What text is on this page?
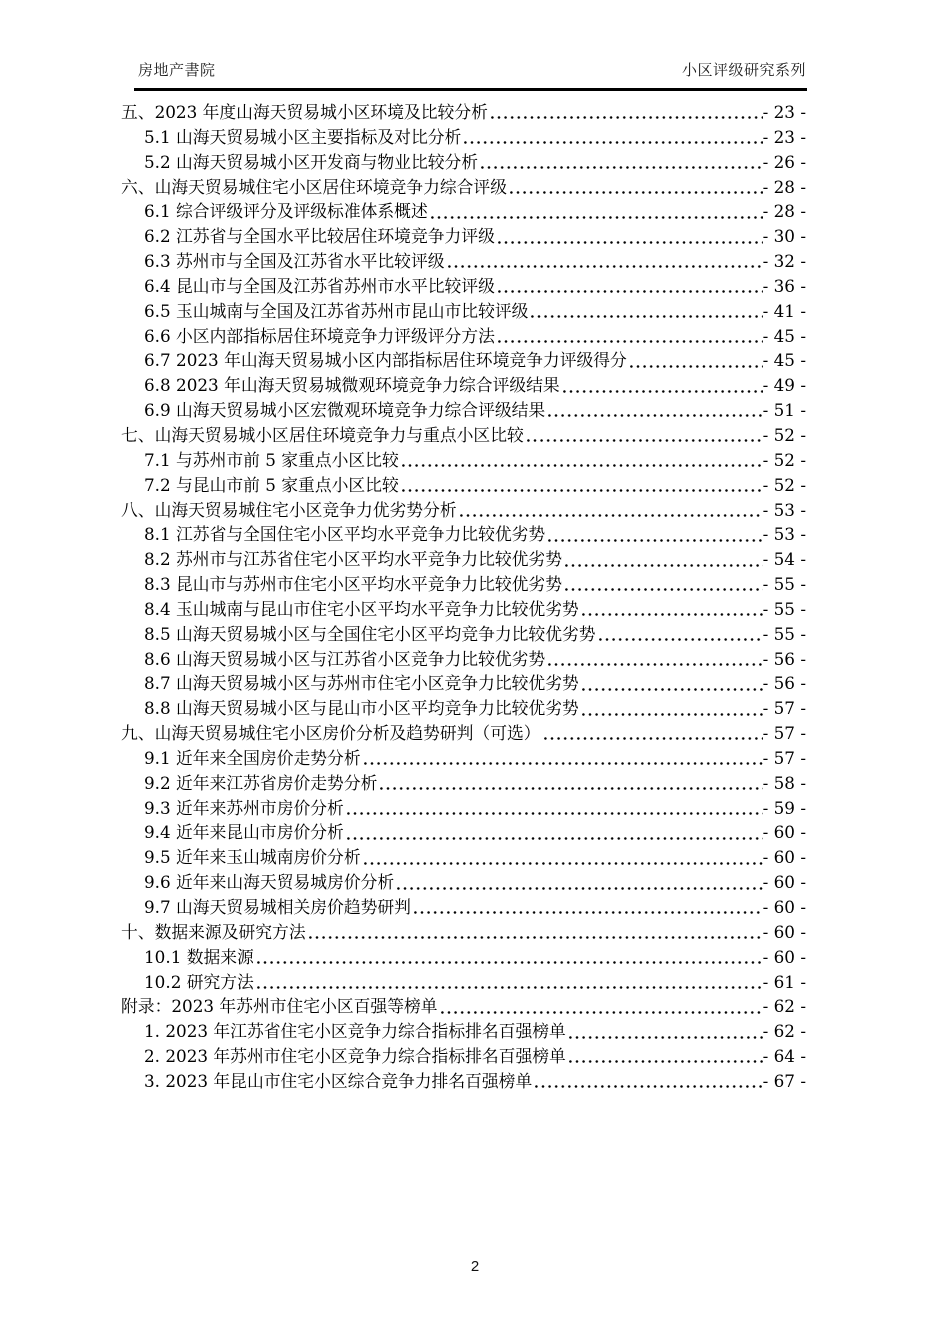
房地产書院	小区评级研究系列
五、2023 年度山海天贸易城小区环境及比较分析	- 23 -
5.1 山海天贸易城小区主要指标及对比分析	- 23 -
5.2 山海天贸易城小区开发商与物业比较分析	- 26 -
六、山海天贸易城住宅小区居住环境竞争力综合评级	- 28 -
6.1 综合评级评分及评级标准体系概述	- 28 -
6.2 江苏省与全国水平比较居住环境竞争力评级	- 30 -
6.3 苏州市与全国及江苏省水平比较评级	- 32 -
6.4 昆山市与全国及江苏省苏州市水平比较评级	- 36 -
6.5 玉山城南与全国及江苏省苏州市昆山市比较评级	- 41 -
6.6 小区内部指标居住环境竞争力评级评分方法	- 45 -
6.7 2023 年山海天贸易城小区内部指标居住环境竞争力评级得分	- 45 -
6.8 2023 年山海天贸易城微观环境竞争力综合评级结果	- 49 -
6.9 山海天贸易城小区宏微观环境竞争力综合评级结果	- 51 -
七、山海天贸易城小区居住环境竞争力与重点小区比较	- 52 -
7.1 与苏州市前 5 家重点小区比较	- 52 -
7.2 与昆山市前 5 家重点小区比较	- 52 -
八、山海天贸易城住宅小区竞争力优劣势分析	- 53 -
8.1 江苏省与全国住宅小区平均水平竞争力比较优劣势	- 53 -
8.2 苏州市与江苏省住宅小区平均水平竞争力比较优劣势	- 54 -
8.3 昆山市与苏州市住宅小区平均水平竞争力比较优劣势	- 55 -
8.4 玉山城南与昆山市住宅小区平均水平竞争力比较优劣势	- 55 -
8.5 山海天贸易城小区与全国住宅小区平均竞争力比较优劣势	- 55 -
8.6 山海天贸易城小区与江苏省小区竞争力比较优劣势	- 56 -
8.7 山海天贸易城小区与苏州市住宅小区竞争力比较优劣势	- 56 -
8.8 山海天贸易城小区与昆山市小区平均竞争力比较优劣势	- 57 -
九、山海天贸易城住宅小区房价分析及趋势研判（可选）	- 57 -
9.1 近年来全国房价走势分析	- 57 -
9.2 近年来江苏省房价走势分析	- 58 -
9.3 近年来苏州市房价分析	- 59 -
9.4 近年来昆山市房价分析	- 60 -
9.5 近年来玉山城南房价分析	- 60 -
9.6 近年来山海天贸易城房价分析	- 60 -
9.7 山海天贸易城相关房价趋势研判	- 60 -
十、数据来源及研究方法	- 60 -
10.1 数据来源	- 60 -
10.2 研究方法	- 61 -
附录：2023 年苏州市住宅小区百强等榜单	- 62 -
1. 2023 年江苏省住宅小区竞争力综合指标排名百强榜单	- 62 -
2. 2023 年苏州市住宅小区竞争力综合指标排名百强榜单	- 64 -
3. 2023 年昆山市住宅小区综合竞争力排名百强榜单	- 67 -
2
